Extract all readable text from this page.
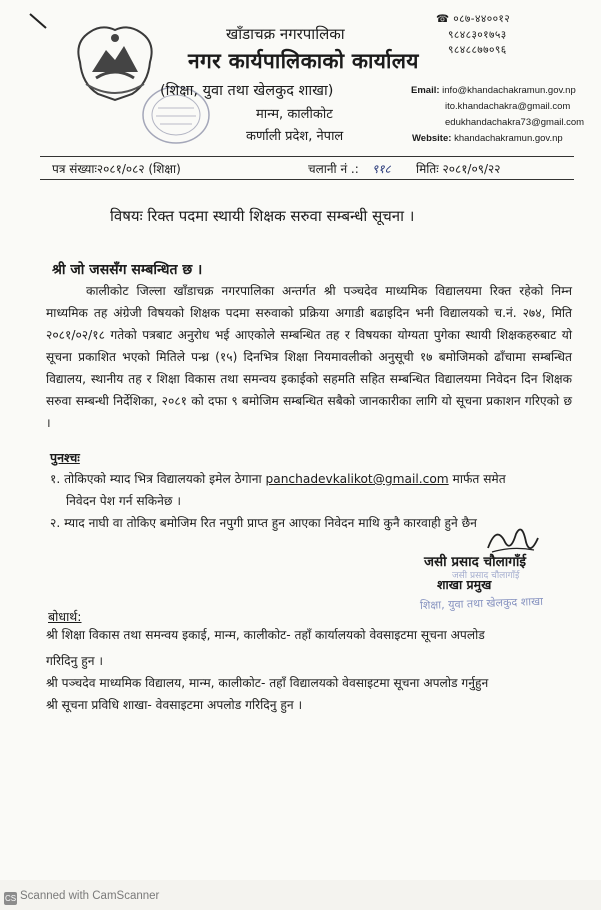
खाँडाचक्र नगरपालिका
नगर कार्यपालिकाको कार्यालय
(शिक्षा, युवा तथा खेलकुद शाखा)
मान्म, कालीकोट
कर्णाली प्रदेश, नेपाल
☎ ०८७-४४००१२
९८४८३०१७५३
९८४८८७७०९६
Email: info@khandachakramun.gov.np
ito.khandachakra@gmail.com
edukhandachakra73@gmail.com
Website: khandachakramun.gov.np
पत्र संख्याः२०८१/०८२ (शिक्षा)	चलानी नं .: ९१८ मितिः २०८१/०९/२२
विषयः रिक्त पदमा स्थायी शिक्षक सरुवा सम्बन्धी सूचना ।
श्री जो जससँग सम्बन्धित छ ।
कालीकोट जिल्ला खाँडाचक्र नगरपालिका अन्तर्गत श्री पञ्चदेव माध्यमिक विद्यालयमा रिक्त रहेको निम्न माध्यमिक तह अंग्रेजी विषयको शिक्षक पदमा सरुवाको प्रक्रिया अगाडी बढाइदिन भनी विद्यालयको च.नं. २७४, मिति २०८१/०२/१८ गतेको पत्रबाट अनुरोध भई आएकोले सम्बन्धित तह र विषयका योग्यता पुगेका स्थायी शिक्षकहरुबाट यो सूचना प्रकाशित भएको मितिले पन्ध्र (१५) दिनभित्र शिक्षा नियमावलीको अनुसूची १७ बमोजिमको ढाँचामा सम्बन्धित विद्यालय, स्थानीय तह र शिक्षा विकास तथा समन्वय इकाईको सहमति सहित सम्बन्धित विद्यालयमा निवेदन दिन शिक्षक सरुवा सम्बन्धी निर्देशिका, २०८१ को दफा ९ बमोजिम सम्बन्धित सबैको जानकारीका लागि यो सूचना प्रकाशन गरिएको छ ।
पुनश्चः
१. तोकिएको म्याद भित्र विद्यालयको इमेल ठेगाना panchadevkalikot@gmail.com मार्फत समेत
निवेदन पेश गर्न सकिनेछ ।
२. म्याद नाघी वा तोकिए बमोजिम रित नपुगी प्राप्त हुन आएका निवेदन माथि कुनै कारवाही हुने छैन
जसी प्रसाद चौलागाँई
जसी प्रसाद चौलागाँई
शाखा प्रमुख
शिक्षा, युवा तथा खेलकुद शाखा
बोधार्थ:
श्री शिक्षा विकास तथा समन्वय इकाई, मान्म, कालीकोट- तहाँ कार्यालयको वेवसाइटमा सूचना अपलोड
गरिदिनु हुन ।
श्री पञ्चदेव माध्यमिक विद्यालय, मान्म, कालीकोट- तहाँ विद्यालयको वेवसाइटमा सूचना अपलोड गर्नुहुन
श्री सूचना प्रविधि शाखा- वेवसाइटमा अपलोड गरिदिनु हुन ।
CS Scanned with CamScanner
